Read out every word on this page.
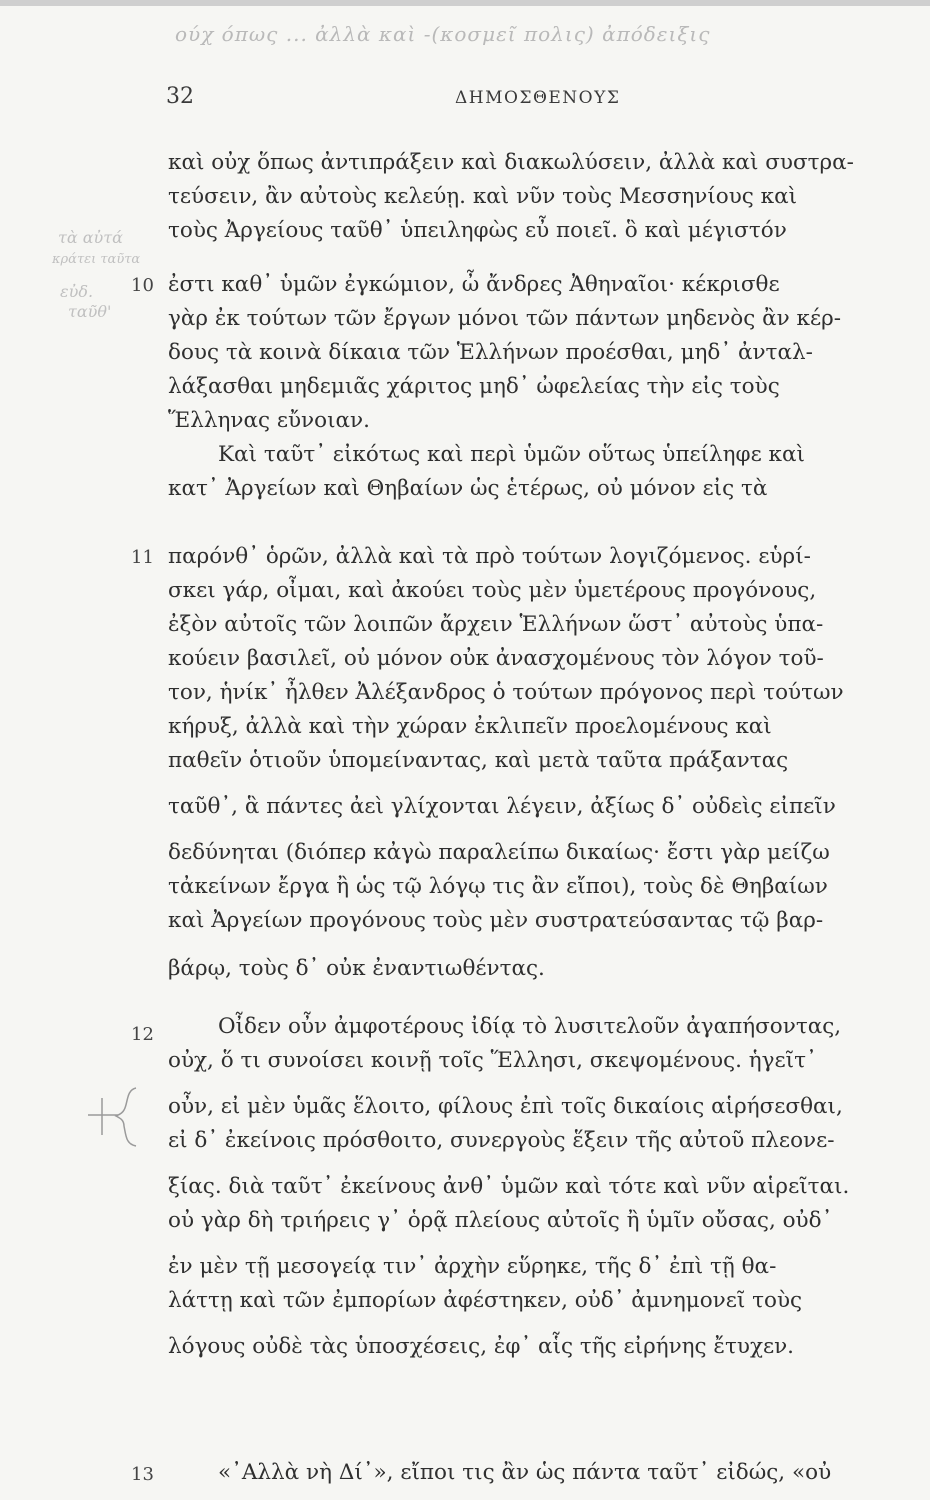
ούχ όπως ... ἀλλὰ καὶ -(κοσμεῖ πολις) ἀπόδειξις
32	ΔΗΜΟΣΘΕΝΟΥΣ
τὰ αὐτά
κράτει ταῦτα
εὐδ.
ταῦθ'
10
11
12
13
καὶ οὐχ ὅπως ἀντιπράξειν καὶ διακωλύσειν, ἀλλὰ καὶ συστρα-
τεύσειν, ἂν αὐτοὺς κελεύῃ. καὶ νῦν τοὺς Μεσσηνίους καὶ
τοὺς Ἀργείους ταῦθ᾽ ὑπειληφὼς εὖ ποιεῖ. ὃ καὶ μέγιστόν
ἐστι καθ᾽ ὑμῶν ἐγκώμιον, ὦ ἄνδρες Ἀθηναῖοι· κέκρισθε
γὰρ ἐκ τούτων τῶν ἔργων μόνοι τῶν πάντων μηδενὸς ἂν κέρ-
δους τὰ κοινὰ δίκαια τῶν Ἑλλήνων προέσθαι, μηδ᾽ ἀνταλ-
λάξασθαι μηδεμιᾶς χάριτος μηδ᾽ ὠφελείας τὴν εἰς τοὺς
Ἕλληνας εὔνοιαν.
Καὶ ταῦτ᾽ εἰκότως καὶ περὶ ὑμῶν οὕτως ὑπείληφε καὶ
κατ᾽ Ἀργείων καὶ Θηβαίων ὡς ἑτέρως, οὐ μόνον εἰς τὰ
παρόνθ᾽ ὁρῶν, ἀλλὰ καὶ τὰ πρὸ τούτων λογιζόμενος. εὑρί-
σκει γάρ, οἶμαι, καὶ ἀκούει τοὺς μὲν ὑμετέρους προγόνους,
ἐξὸν αὐτοῖς τῶν λοιπῶν ἄρχειν Ἑλλήνων ὥστ᾽ αὐτοὺς ὑπα-
κούειν βασιλεῖ, οὐ μόνον οὐκ ἀνασχομένους τὸν λόγον τοῦ-
τον, ἡνίκ᾽ ἦλθεν Ἀλέξανδρος ὁ τούτων πρόγονος περὶ τούτων
κήρυξ, ἀλλὰ καὶ τὴν χώραν ἐκλιπεῖν προελομένους καὶ
παθεῖν ὁτιοῦν ὑπομείναντας, καὶ μετὰ ταῦτα πράξαντας
ταῦθ᾽, ἃ πάντες ἀεὶ γλίχονται λέγειν, ἀξίως δ᾽ οὐδεὶς εἰπεῖν
δεδύνηται (διόπερ κἀγὼ παραλείπω δικαίως· ἔστι γὰρ μείζω
τἀκείνων ἔργα ἢ ὡς τῷ λόγῳ τις ἂν εἴποι), τοὺς δὲ Θηβαίων
καὶ Ἀργείων προγόνους τοὺς μὲν συστρατεύσαντας τῷ βαρ-
βάρῳ, τοὺς δ᾽ οὐκ ἐναντιωθέντας.
Οἶδεν οὖν ἀμφοτέρους ἰδίᾳ τὸ λυσιτελοῦν ἀγαπήσοντας,
οὐχ, ὅ τι συνοίσει κοινῇ τοῖς Ἕλλησι, σκεψομένους. ἡγεῖτ᾽
οὖν, εἰ μὲν ὑμᾶς ἕλοιτο, φίλους ἐπὶ τοῖς δικαίοις αἱρήσεσθαι,
εἰ δ᾽ ἐκείνοις πρόσθοιτο, συνεργοὺς ἕξειν τῆς αὐτοῦ πλεονε-
ξίας. διὰ ταῦτ᾽ ἐκείνους ἀνθ᾽ ὑμῶν καὶ τότε καὶ νῦν αἱρεῖται.
οὐ γὰρ δὴ τριήρεις γ᾽ ὁρᾷ πλείους αὐτοῖς ἢ ὑμῖν οὔσας, οὐδ᾽
ἐν μὲν τῇ μεσογείᾳ τιν᾽ ἀρχὴν εὕρηκε, τῆς δ᾽ ἐπὶ τῇ θα-
λάττῃ καὶ τῶν ἐμπορίων ἀφέστηκεν, οὐδ᾽ ἀμνημονεῖ τοὺς
λόγους οὐδὲ τὰς ὑποσχέσεις, ἐφ᾽ αἷς τῆς εἰρήνης ἔτυχεν.
«᾽Αλλὰ νὴ Δί᾽», εἴποι τις ἂν ὡς πάντα ταῦτ᾽ εἰδώς, «οὐ
